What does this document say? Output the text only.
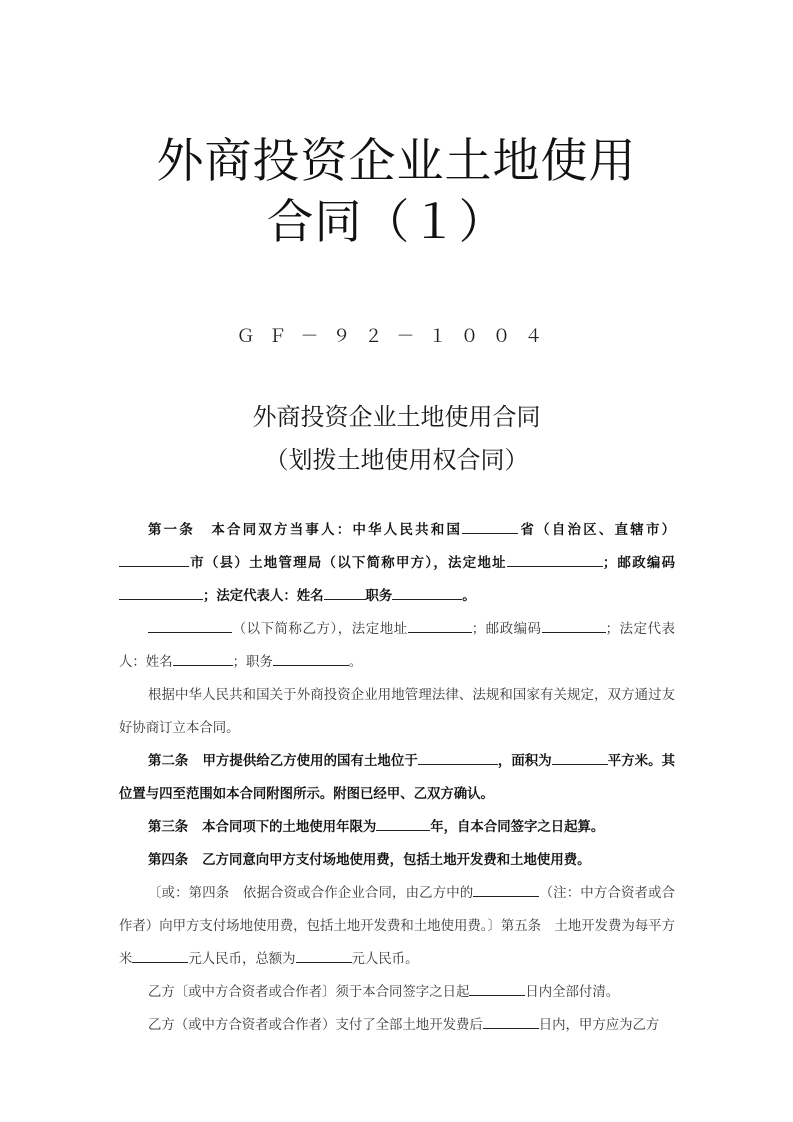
外商投资企业土地使用
合同（１）
ＧＦ－９２－１００４
外商投资企业土地使用合同
（划拨土地使用权合同）

第一条 本合同双方当事人：中华人民共和国	省（自治区、直辖市）市（县）土地管理局（以下简称甲方），法定地址	；邮政编码；法定代表人：姓名	职务	。

（以下简称乙方），法定地址	；邮政编码	；法定代表人：姓名	；职务	。

根据中华人民共和国关于外商投资企业用地管理法律、法规和国家有关规定，双方通过友好协商订立本合同。

第二条 甲方提供给乙方使用的国有土地位于	，面积为	平方米。其位置与四至范围如本合同附图所示。附图已经甲、乙双方确认。

第三条 本合同项下的土地使用年限为	年，自本合同签字之日起算。

第四条 乙方同意向甲方支付场地使用费，包括土地开发费和土地使用费。

〔或：第四条　依据合资或合作企业合同，由乙方中的	（注：中方合资者或合作者）向甲方支付场地使用费，包括土地开发费和土地使用费。〕第五条　土地开发费为每平方米	元人民币，总额为	元人民币。

乙方〔或中方合资者或合作者〕须于本合同签字之日起	日内全部付清。

乙方（或中方合资者或合作者）支付了全部土地开发费后	日内，甲方应为乙方
